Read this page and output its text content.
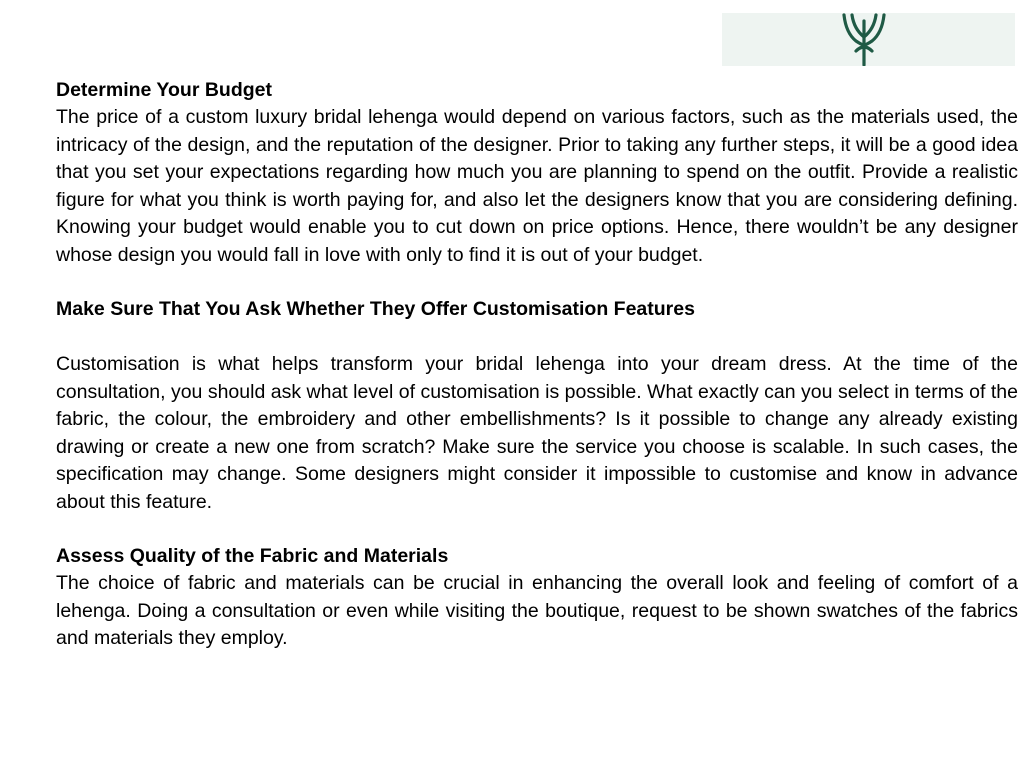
Determine Your Budget

The price of a custom luxury bridal lehenga would depend on various factors, such as the materials used, the intricacy of the design, and the reputation of the designer. Prior to taking any further steps, it will be a good idea that you set your expectations regarding how much you are planning to spend on the outfit. Provide a realistic figure for what you think is worth paying for, and also let the designers know that you are considering defining. Knowing your budget would enable you to cut down on price options. Hence, there wouldn’t be any designer whose design you would fall in love with only to find it is out of your budget.

Make Sure That You Ask Whether They Offer Customisation Features

Customisation is what helps transform your bridal lehenga into your dream dress. At the time of the consultation, you should ask what level of customisation is possible. What exactly can you select in terms of the fabric, the colour, the embroidery and other embellishments? Is it possible to change any already existing drawing or create a new one from scratch? Make sure the service you choose is scalable. In such cases, the specification may change. Some designers might consider it impossible to customise and know in advance about this feature.

Assess Quality of the Fabric and Materials

The choice of fabric and materials can be crucial in enhancing the overall look and feeling of comfort of a lehenga. Doing a consultation or even while visiting the boutique, request to be shown swatches of the fabrics and materials they employ.
